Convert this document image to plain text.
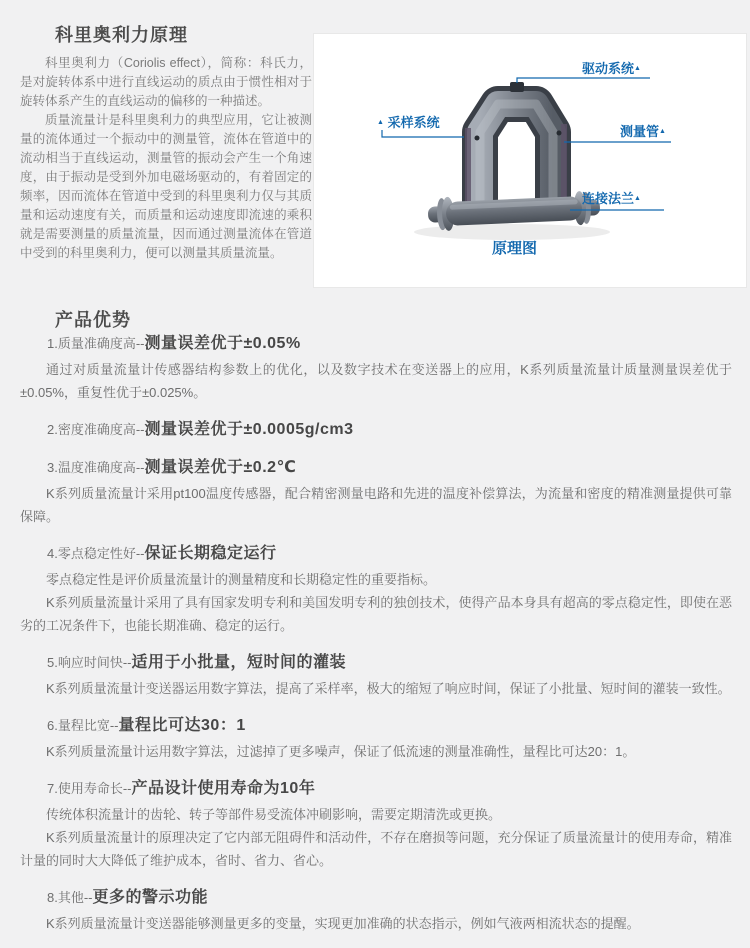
科里奥利力原理

科里奥利力（Coriolis effect），简称：科氏力，是对旋转体系中进行直线运动的质点由于惯性相对于旋转体系产生的直线运动的偏移的一种描述。

质量流量计是科里奥利力的典型应用，它让被测量的流体通过一个振动中的测量管，流体在管道中的流动相当于直线运动，测量管的振动会产生一个角速度，由于振动是受到外加电磁场驱动的，有着固定的频率，因而流体在管道中受到的科里奥利力仅与其质量和运动速度有关，而质量和运动速度即流速的乘积就是需要测量的质量流量，因而通过测量流体在管道中受到的科里奥利力，便可以测量其质量流量。

驱动系统▲
▲ 采样系统
测量管▲
连接法兰▲
原理图
产品优势
1.质量准确度高--测量误差优于±0.05%

通过对质量流量计传感器结构参数上的优化，以及数字技术在变送器上的应用，K系列质量流量计质量测量误差优于±0.05%，重复性优于±0.025%。

2.密度准确度高--测量误差优于±0.0005g/cm3
3.温度准确度高--测量误差优于±0.2℃

K系列质量流量计采用pt100温度传感器，配合精密测量电路和先进的温度补偿算法，为流量和密度的精准测量提供可靠保障。

4.零点稳定性好--保证长期稳定运行

零点稳定性是评价质量流量计的测量精度和长期稳定性的重要指标。

K系列质量流量计采用了具有国家发明专利和美国发明专利的独创技术，使得产品本身具有超高的零点稳定性，即使在恶劣的工况条件下，也能长期准确、稳定的运行。

5.响应时间快--适用于小批量，短时间的灌装

K系列质量流量计变送器运用数字算法，提高了采样率，极大的缩短了响应时间，保证了小批量、短时间的灌装一致性。

6.量程比宽--量程比可达30：1

K系列质量流量计运用数字算法，过滤掉了更多噪声，保证了低流速的测量准确性，量程比可达20：1。

7.使用寿命长--产品设计使用寿命为10年

传统体积流量计的齿轮、转子等部件易受流体冲刷影响，需要定期清洗或更换。

K系列质量流量计的原理决定了它内部无阻碍件和活动件，不存在磨损等问题，充分保证了质量流量计的使用寿命，精准计量的同时大大降低了维护成本，省时、省力、省心。

8.其他--更多的警示功能

K系列质量流量计变送器能够测量更多的变量，实现更加准确的状态指示，例如气液两相流状态的提醒。
